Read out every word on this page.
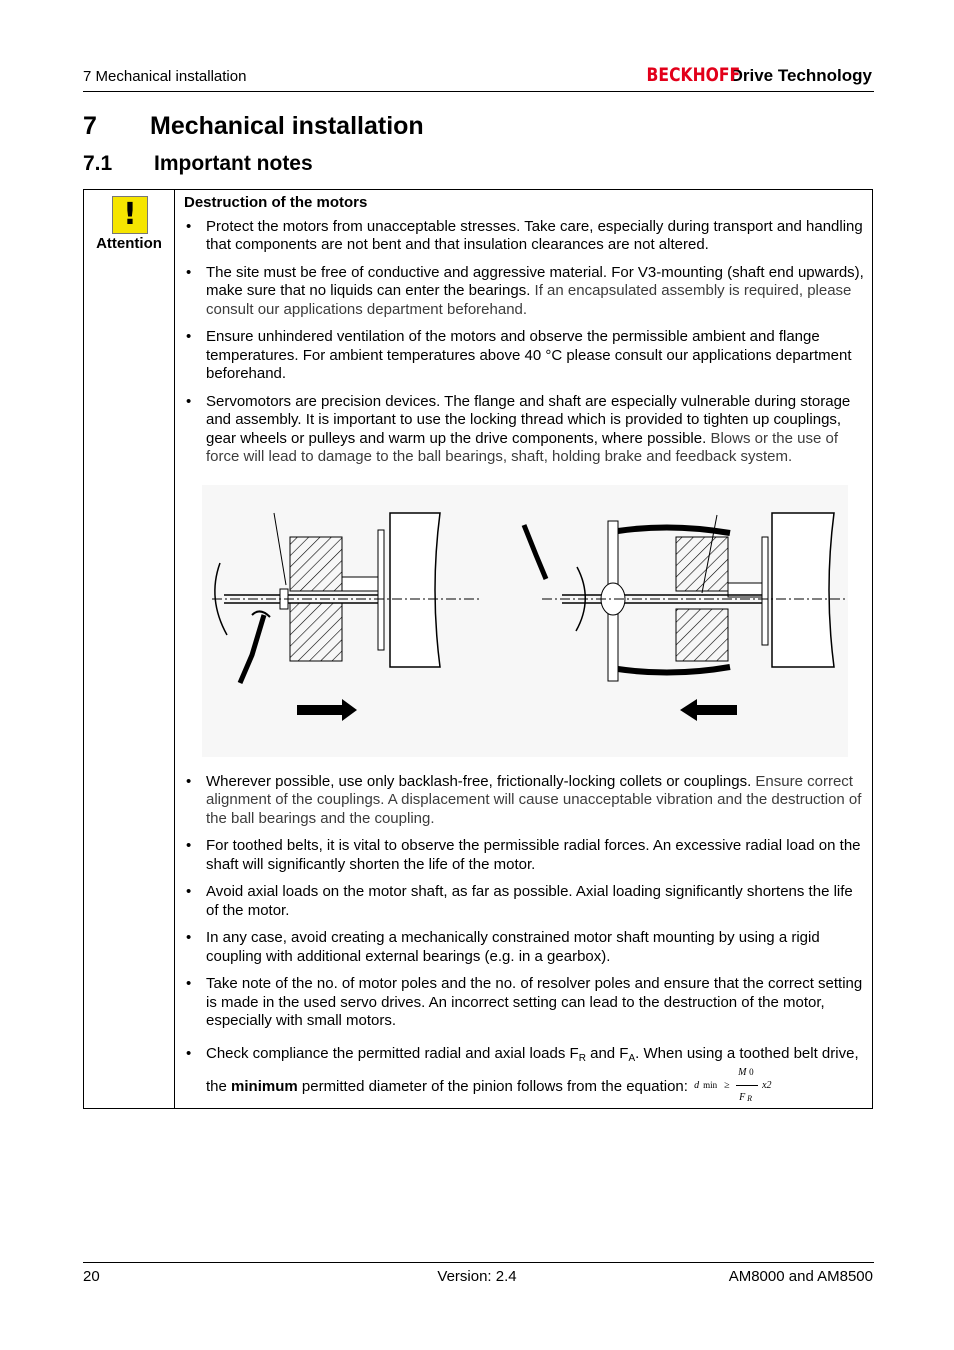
7 Mechanical installation	BECKHOFF Drive Technology
7 Mechanical installation
7.1 Important notes
!
Attention
Destruction of the motors
• Protect the motors from unacceptable stresses. Take care, especially during transport and handling that components are not bent and that insulation clearances are not altered.
• The site must be free of conductive and aggressive material. For V3-mounting (shaft end upwards), make sure that no liquids can enter the bearings. If an encapsulated assembly is required, please consult our applications department beforehand.
• Ensure unhindered ventilation of the motors and observe the permissible ambient and flange temperatures. For ambient temperatures above 40 °C please consult our applications department beforehand.
• Servomotors are precision devices. The flange and shaft are especially vulnerable during storage and assembly. It is important to use the locking thread which is provided to tighten up couplings, gear wheels or pulleys and warm up the drive components, where possible. Blows or the use of force will lead to damage to the ball bearings, shaft, holding brake and feedback system.
• Wherever possible, use only backlash-free, frictionally-locking collets or couplings. Ensure correct alignment of the couplings. A displacement will cause unacceptable vibration and the destruction of the ball bearings and the coupling.
• For toothed belts, it is vital to observe the permissible radial forces. An excessive radial load on the shaft will significantly shorten the life of the motor.
• Avoid axial loads on the motor shaft, as far as possible. Axial loading significantly shortens the life of the motor.
• In any case, avoid creating a mechanically constrained motor shaft mounting by using a rigid coupling with additional external bearings (e.g. in a gearbox).
• Take note of the no. of motor poles and the no. of resolver poles and ensure that the correct setting is made in the used servo drives. An incorrect setting can lead to the destruction of the motor, especially with small motors.
• Check compliance the permitted radial and axial loads $F_R$ and $F_A$. When using a toothed belt drive, the minimum permitted diameter of the pinion follows from the equation: d min ≥
M 0
F R
x2
20	Version: 2.4	AM8000 and AM8500
